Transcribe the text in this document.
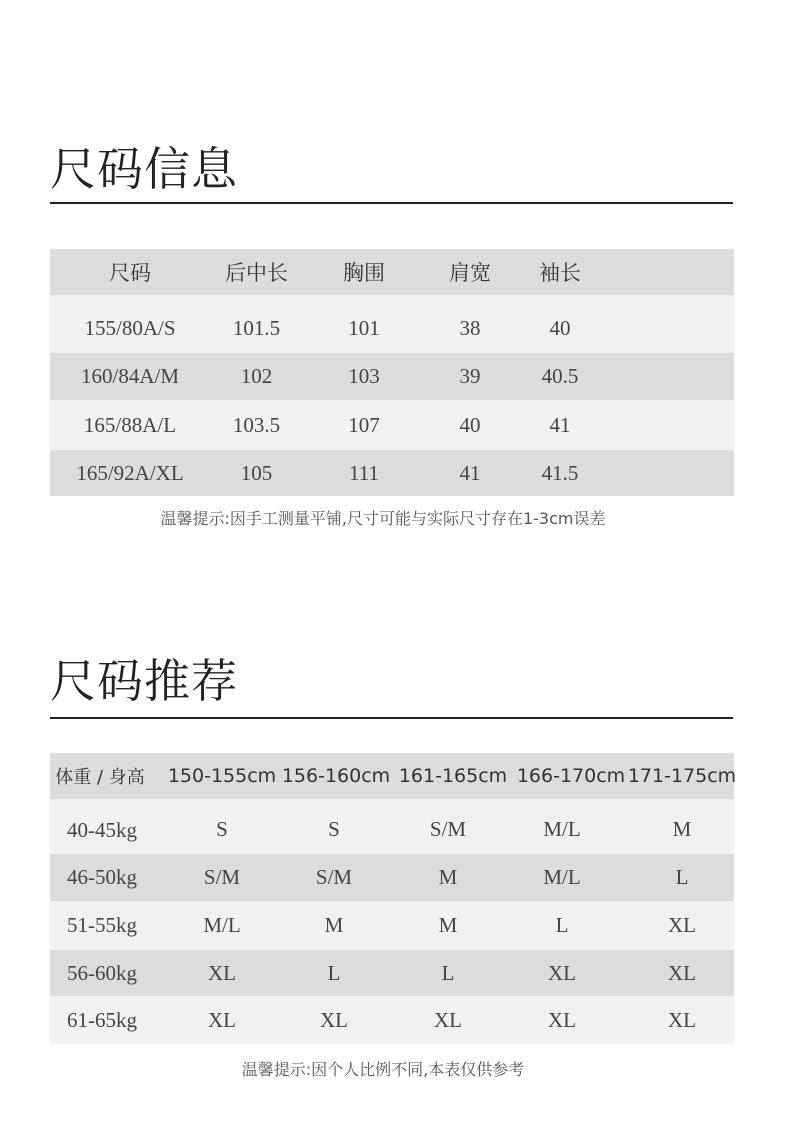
尺码信息
尺码	后中长	胸围	肩宽	袖长
155/80A/S	101.5	101	38	40
160/84A/M	102	103	39	40.5
165/88A/L	103.5	107	40	41
165/92A/XL	105	111	41	41.5
温馨提示:因手工测量平铺,尺寸可能与实际尺寸存在1-3cm误差
尺码推荐
体重 / 身高 150-155cm 156-160cm 161-165cm 166-170cm 171-175cm
40-45kg	S	S	S/M	M/L	M
46-50kg	S/M	S/M	M	M/L	L
51-55kg	M/L	M	M	L	XL
56-60kg	XL	L	L	XL	XL
61-65kg	XL	XL	XL	XL	XL
温馨提示:因个人比例不同,本表仅供参考
